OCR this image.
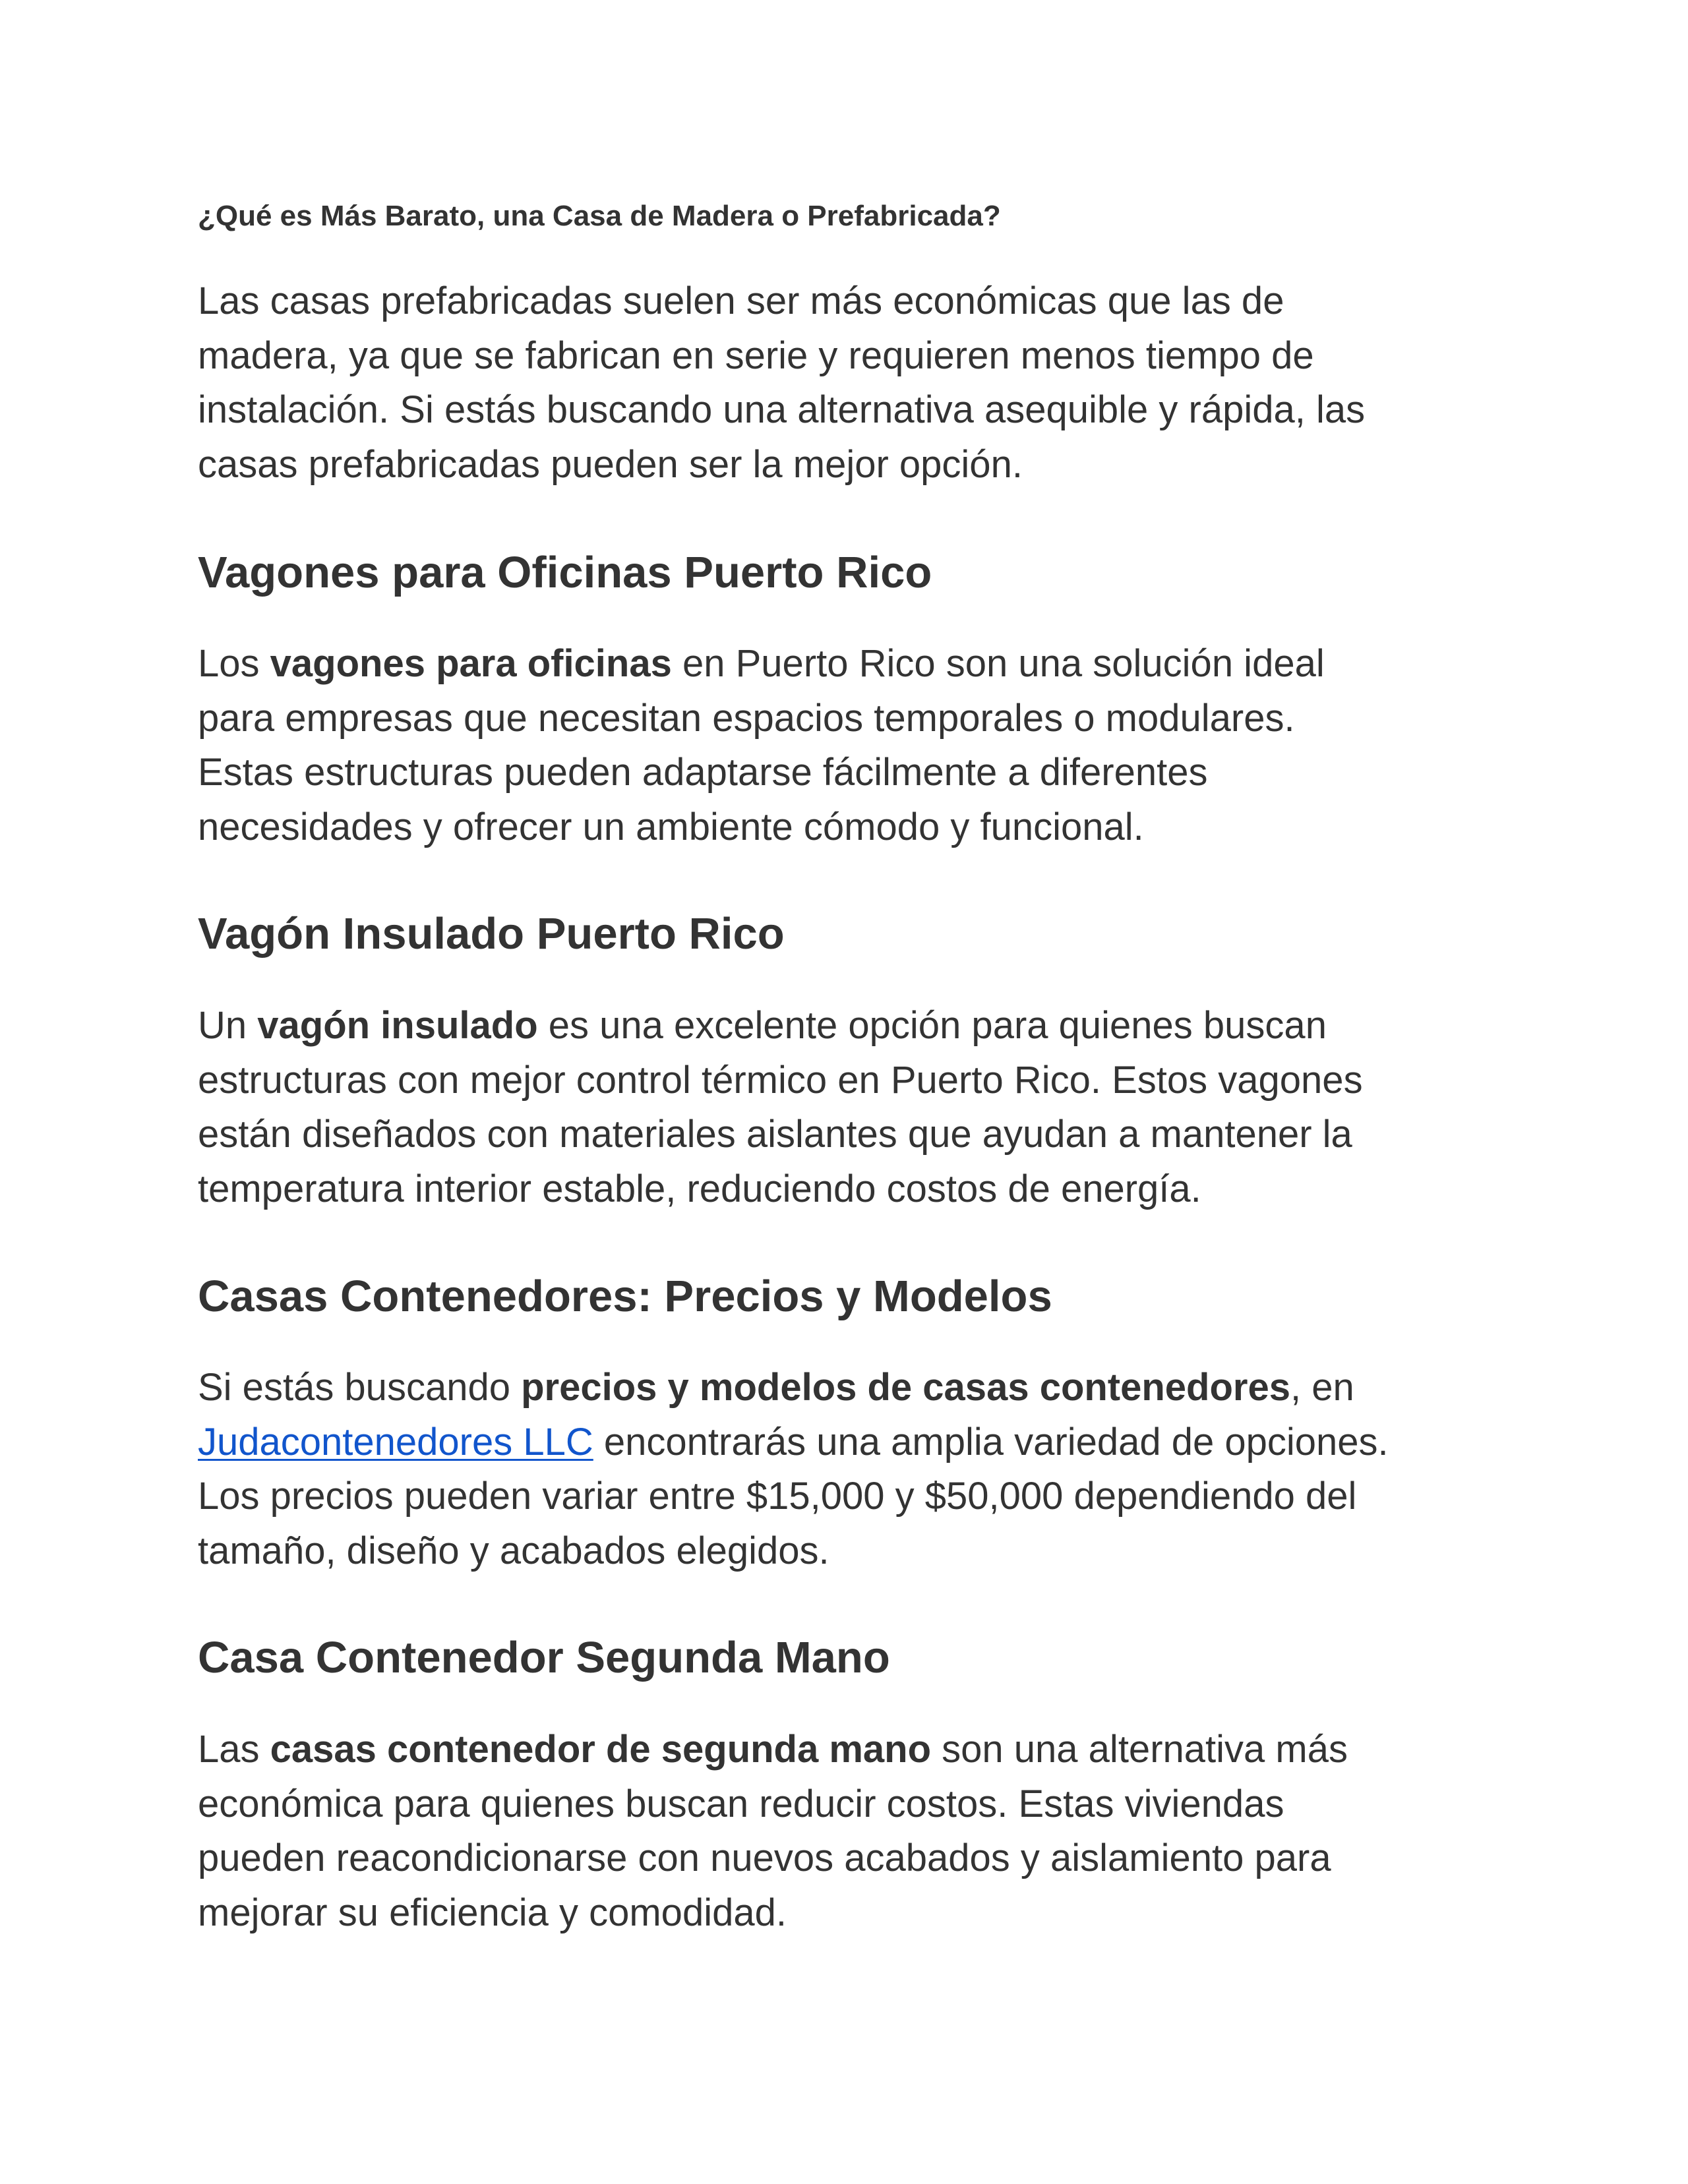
¿Qué es Más Barato, una Casa de Madera o Prefabricada?

Las casas prefabricadas suelen ser más económicas que las de
madera, ya que se fabrican en serie y requieren menos tiempo de
instalación. Si estás buscando una alternativa asequible y rápida, las
casas prefabricadas pueden ser la mejor opción.

Vagones para Oficinas Puerto Rico

Los vagones para oficinas en Puerto Rico son una solución ideal
para empresas que necesitan espacios temporales o modulares.
Estas estructuras pueden adaptarse fácilmente a diferentes
necesidades y ofrecer un ambiente cómodo y funcional.

Vagón Insulado Puerto Rico

Un vagón insulado es una excelente opción para quienes buscan
estructuras con mejor control térmico en Puerto Rico. Estos vagones
están diseñados con materiales aislantes que ayudan a mantener la
temperatura interior estable, reduciendo costos de energía.

Casas Contenedores: Precios y Modelos

Si estás buscando precios y modelos de casas contenedores, en
Judacontenedores LLC encontrarás una amplia variedad de opciones.
Los precios pueden variar entre $15,000 y $50,000 dependiendo del
tamaño, diseño y acabados elegidos.

Casa Contenedor Segunda Mano

Las casas contenedor de segunda mano son una alternativa más
económica para quienes buscan reducir costos. Estas viviendas
pueden reacondicionarse con nuevos acabados y aislamiento para
mejorar su eficiencia y comodidad.
